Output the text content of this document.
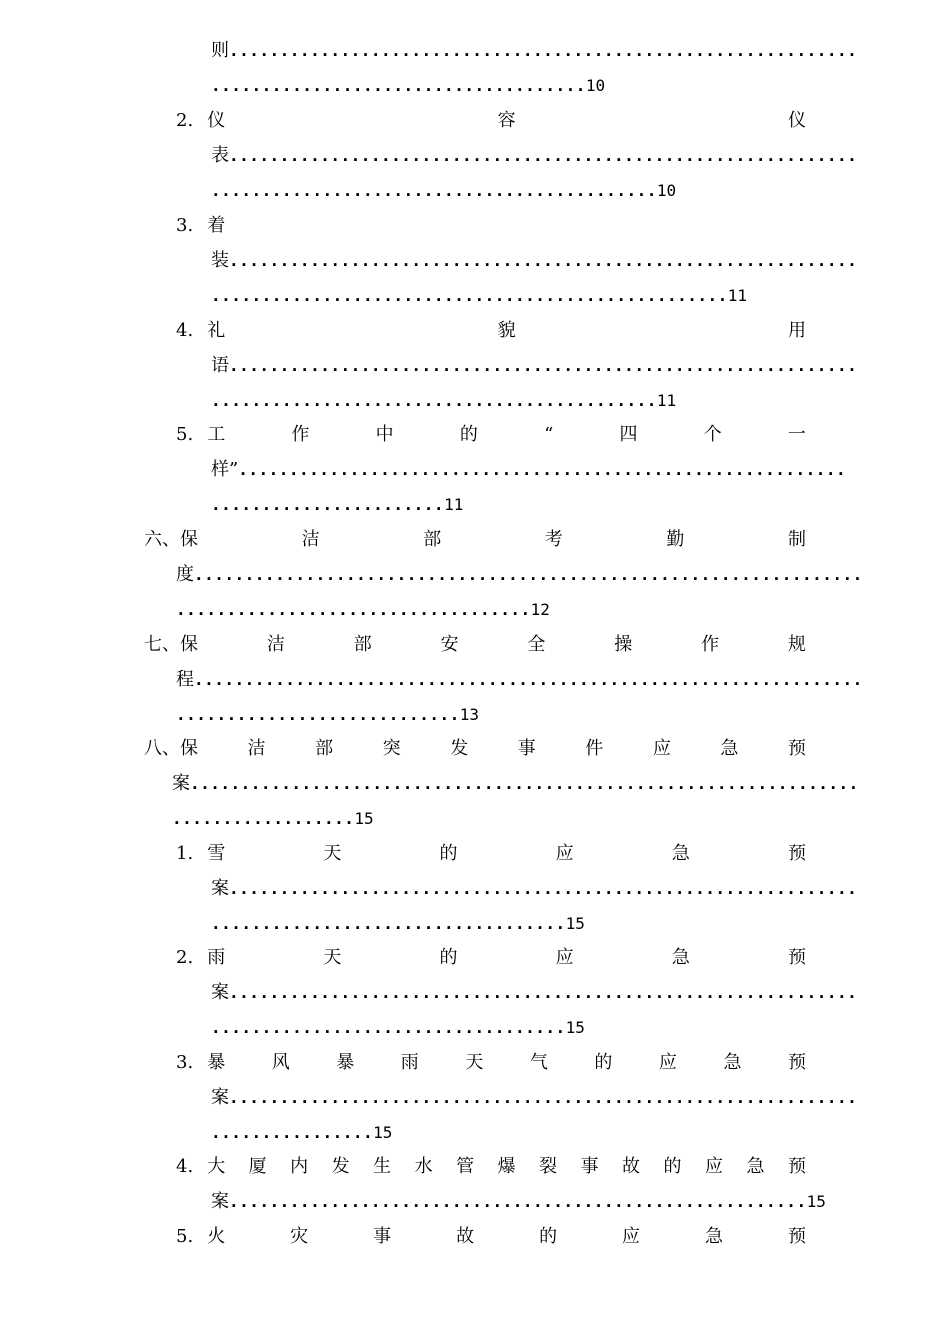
则..............................................................
.....................................10
2. 仪	容	仪
表..............................................................
............................................10
3. 着
装..............................................................
...................................................11
4. 礼	貌	用
语..............................................................
............................................11
5. 工	作	中	的	“	四	个	一
样”............................................................
.......................11
六、 保	洁	部	考	勤	制
度..................................................................
...................................12
七、 保	洁	部	安	全	操	作	规
程..................................................................
............................13
八、 保	洁	部	突	发	事	件	应	急	预
案..................................................................
..................15
1. 雪	天	的	应	急	预
案..............................................................
...................................15
2. 雨	天	的	应	急	预
案..............................................................
...................................15
3. 暴	风	暴	雨	天	气	的	应	急	预
案..............................................................
................15
4. 大 厦 内 发 生 水 管 爆 裂 事 故 的 应 急 预
案.........................................................15
5. 火	灾	事	故	的	应	急	预
